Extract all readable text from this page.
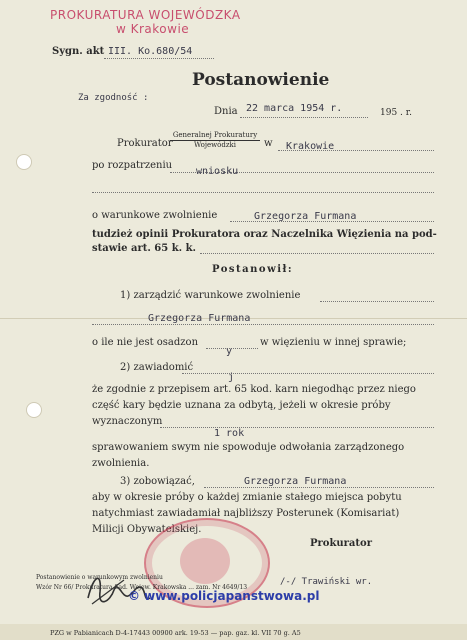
PROKURATURA WOJEWÓDZKA
w Krakowie
Sygn. akt III. Ko.680/54
Postanowienie
Za zgodność :
Dnia 22 marca 1954 r.	195 . r.
Prokurator
Generalnej Prokuratury
Wojewódzki	w Krakowie
po rozpatrzeniu
wniosku
o warunkowe zwolnienie	Grzegorza Furmana
tudzież opinii Prokuratora oraz Naczelnika Więzienia na pod-
stawie art. 65 k. k.
Postanowił:
1) zarządzić warunkowe zwolnienie
Grzegorza Furmana
o ile nie jest osadzon
y
w więzieniu w innej sprawie;
2) zawiadomić
j
że zgodnie z przepisem art. 65 kod. karn niegodhąc przez niego
część kary będzie uznana za odbytą, jeżeli w okresie próby
wyznaczonym
1 rok
sprawowaniem swym nie spowoduje odwołania zarządzonego
zwolnienia.
3) zobowiązać,	Grzegorza Furmana
aby w okresie próby o każdej zmianie stałego miejsca pobytu
natychmiast zawiadamiał najbliższy Posterunek (Komisariat)
Milicji Obywatelskiej.
Prokurator
/-/ Trawiński wr.
Postanowienie o warunkowym zwolnieniu
Wzór Nr 66/ Prokuratura Sąd. Wojew. Krakowska ... zam. Nr 4649/13
© www.policjapanstwowa.pl
PZG w Pabianicach D-4-17443 00900 ark. 19-53 — pap. gaz. kl. VII 70 g. A5
